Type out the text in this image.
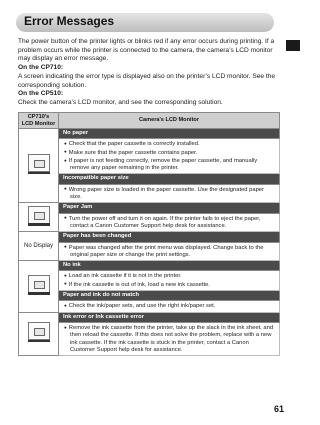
Error Messages

The power button of the printer lights or blinks red if any error occurs during printing. If a problem occurs while the printer is connected to the camera, the camera’s LCD monitor may display an error message.

On the CP710:

A screen indicating the error type is displayed also on the printer’s LCD monitor. See the corresponding solution.

On the CP510:

Check the camera’s LCD monitor, and see the corresponding solution.

CP710's
LCD Monitor	Camera's LCD Monitor

	No paper

	● Check that the paper cassette is correctly installed.
● Make sure that the paper cassette contains paper.
● If paper is not feeding correctly, remove the paper cassette, and manually remove any paper remaining in the printer.

	Incompatible paper size

	● Wrong paper size is loaded in the paper cassette. Use the designated paper size.

	Paper Jam

	● Turn the power off and turn it on again. If the printer fails to eject the paper, contact a Canon Customer Support help desk for assistance.

No Display	Paper has been changed

	● Paper was changed after the print menu was displayed. Change back to the original paper size or change the print settings.

	No ink

	● Load an ink cassette if it is not in the printer.
● If the ink cassette is out of ink, load a new ink cassette.

	Paper and ink do not match

	● Check the ink/paper sets, and use the right ink/paper set.

	Ink error or Ink cassette error

	● Remove the ink cassette from the printer, take up the slack in the ink sheet, and then reload the cassette. If this does not solve the problem, replace with a new ink cassette. If the ink cassette is stuck in the printer, contact a Canon Customer Support help desk for assistance.
61
